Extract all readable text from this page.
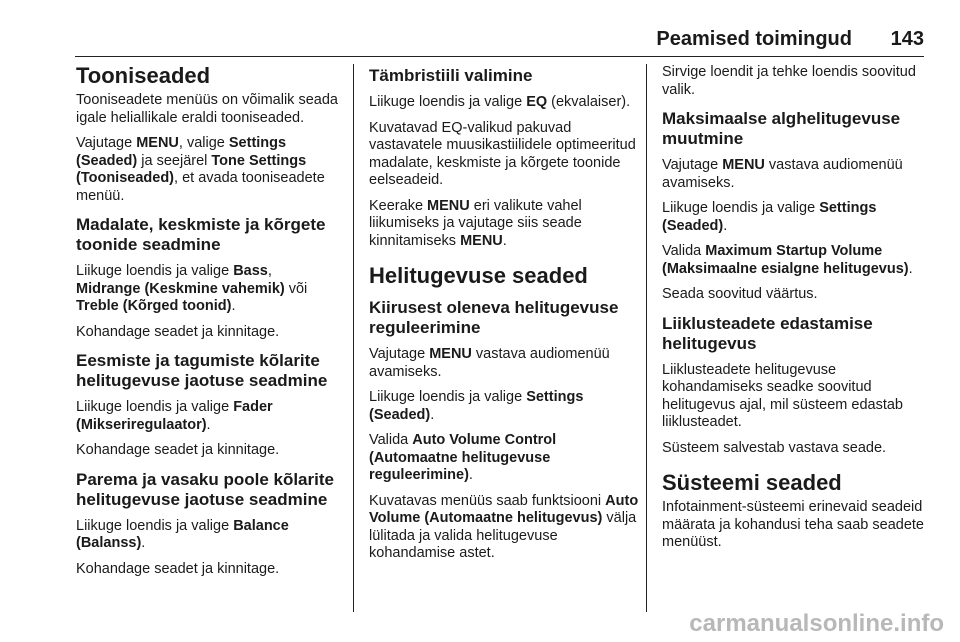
Peamised toimingud 143
Tooniseaded

Tooniseadete menüüs on võimalik seada igale heliallikale eraldi tooniseaded.

Vajutage MENU, valige Settings (Seaded) ja seejärel Tone Settings (Tooniseaded), et avada tooniseadete menüü.

Madalate, keskmiste ja kõrgete toonide seadmine

Liikuge loendis ja valige Bass,
Midrange (Keskmine vahemik) või
Treble (Kõrged toonid).

Kohandage seadet ja kinnitage.

Eesmiste ja tagumiste kõlarite helitugevuse jaotuse seadmine

Liikuge loendis ja valige Fader (Mikseriregulaator).

Kohandage seadet ja kinnitage.

Parema ja vasaku poole kõlarite helitugevuse jaotuse seadmine

Liikuge loendis ja valige Balance (Balanss).

Kohandage seadet ja kinnitage.

Tämbristiili valimine

Liikuge loendis ja valige EQ (ekvalaiser).

Kuvatavad EQ-valikud pakuvad vastavatele muusikastiilidele optimeeritud madalate, keskmiste ja kõrgete toonide eelseadeid.

Keerake MENU eri valikute vahel liikumiseks ja vajutage siis seade kinnitamiseks MENU.

Helitugevuse seaded
Kiirusest oleneva helitugevuse reguleerimine

Vajutage MENU vastava audiomenüü avamiseks.

Liikuge loendis ja valige Settings (Seaded).

Valida Auto Volume Control (Automaatne helitugevuse reguleerimine).

Kuvatavas menüüs saab funktsiooni Auto Volume (Automaatne helitugevus) välja lülitada ja valida helitugevuse kohandamise astet.

Sirvige loendit ja tehke loendis soovitud valik.

Maksimaalse alghelitugevuse muutmine

Vajutage MENU vastava audiomenüü avamiseks.

Liikuge loendis ja valige Settings (Seaded).

Valida Maximum Startup Volume (Maksimaalne esialgne helitugevus).

Seada soovitud väärtus.

Liiklusteadete edastamise helitugevus

Liiklusteadete helitugevuse kohandamiseks seadke soovitud helitugevus ajal, mil süsteem edastab liiklusteadet.

Süsteem salvestab vastava seade.

Süsteemi seaded

Infotainment-süsteemi erinevaid seadeid määrata ja kohandusi teha saab seadete menüüst.

carmanualsonline.info
